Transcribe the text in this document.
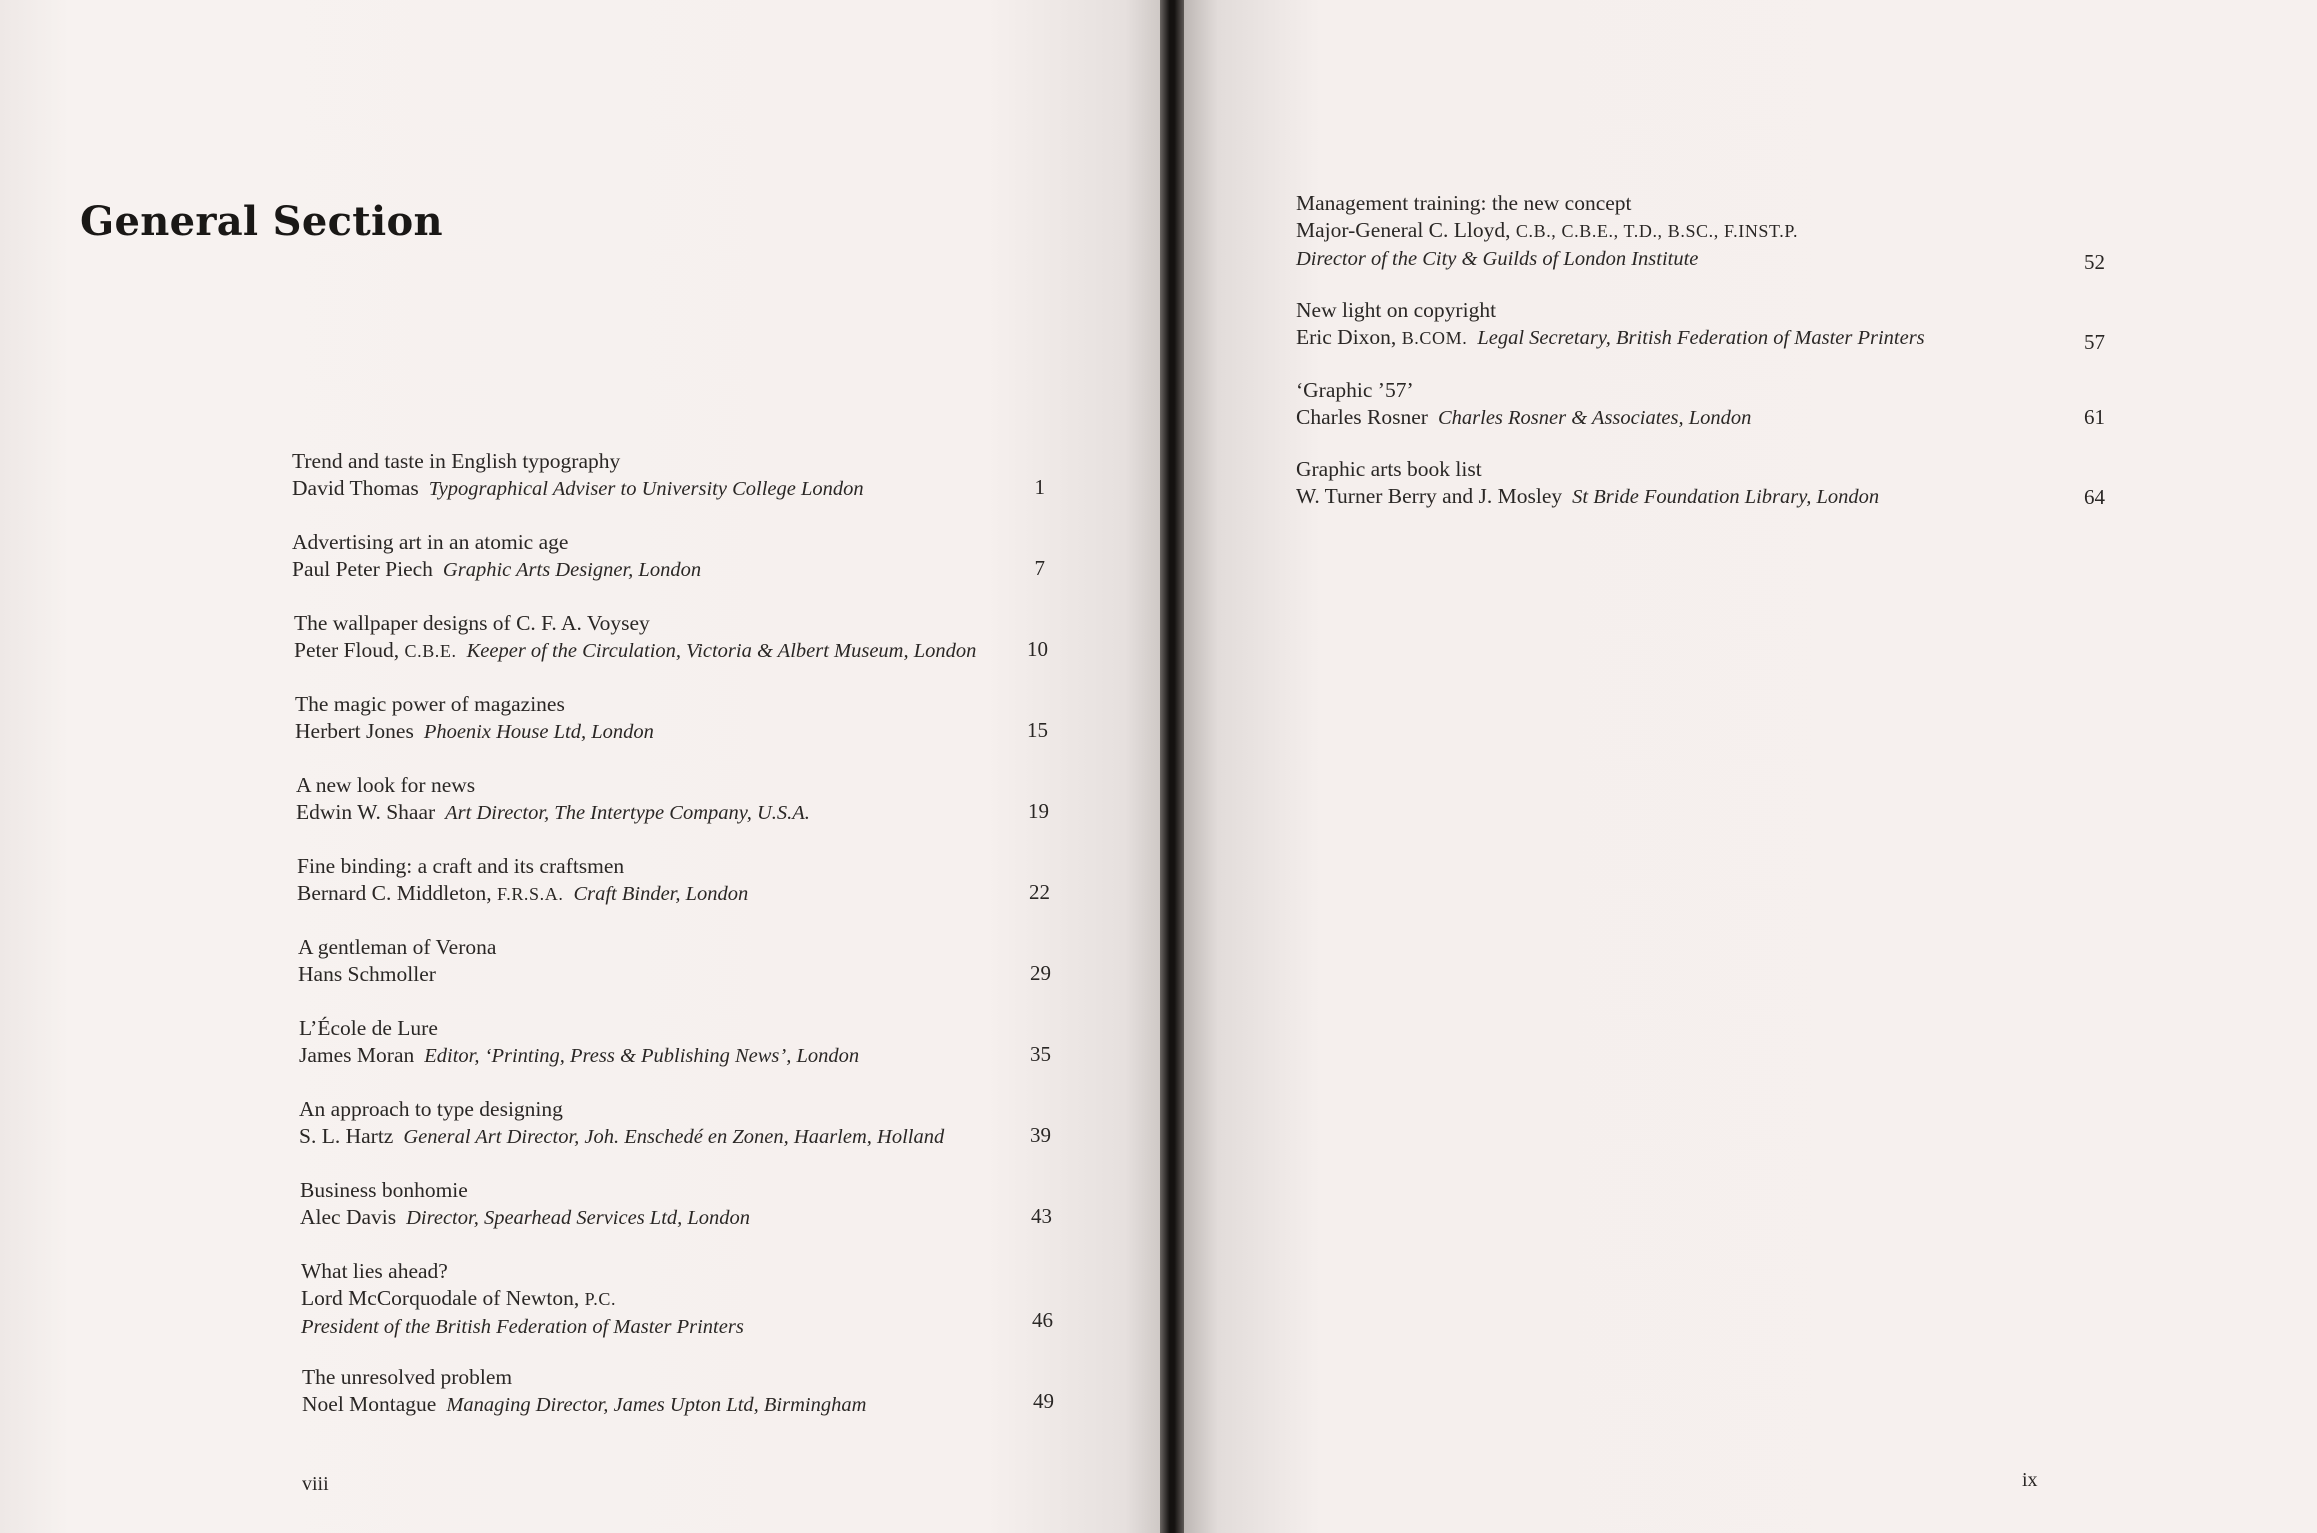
General Section
Trend and taste in English typography
David Thomas Typographical Adviser to University College London	1
Advertising art in an atomic age
Paul Peter Piech Graphic Arts Designer, London	7
The wallpaper designs of C. F. A. Voysey
Peter Floud, C.B.E. Keeper of the Circulation, Victoria & Albert Museum, London	10
The magic power of magazines
Herbert Jones Phoenix House Ltd, London	15
A new look for news
Edwin W. Shaar Art Director, The Intertype Company, U.S.A.	19
Fine binding: a craft and its craftsmen
Bernard C. Middleton, F.R.S.A. Craft Binder, London	22
A gentleman of Verona
Hans Schmoller	29
L’École de Lure
James Moran Editor, ‘Printing, Press & Publishing News’, London	35
An approach to type designing
S. L. Hartz General Art Director, Joh. Enschedé en Zonen, Haarlem, Holland	39
Business bonhomie
Alec Davis Director, Spearhead Services Ltd, London	43
What lies ahead?
Lord McCorquodale of Newton, P.C.
President of the British Federation of Master Printers	46
The unresolved problem
Noel Montague Managing Director, James Upton Ltd, Birmingham	49
viii
Management training: the new concept
Major-General C. Lloyd, C.B., C.B.E., T.D., B.SC., F.INST.P.
Director of the City & Guilds of London Institute	52
New light on copyright
Eric Dixon, B.COM. Legal Secretary, British Federation of Master Printers	57
‘Graphic ’57’
Charles Rosner Charles Rosner & Associates, London	61
Graphic arts book list
W. Turner Berry and J. Mosley St Bride Foundation Library, London	64
ix
